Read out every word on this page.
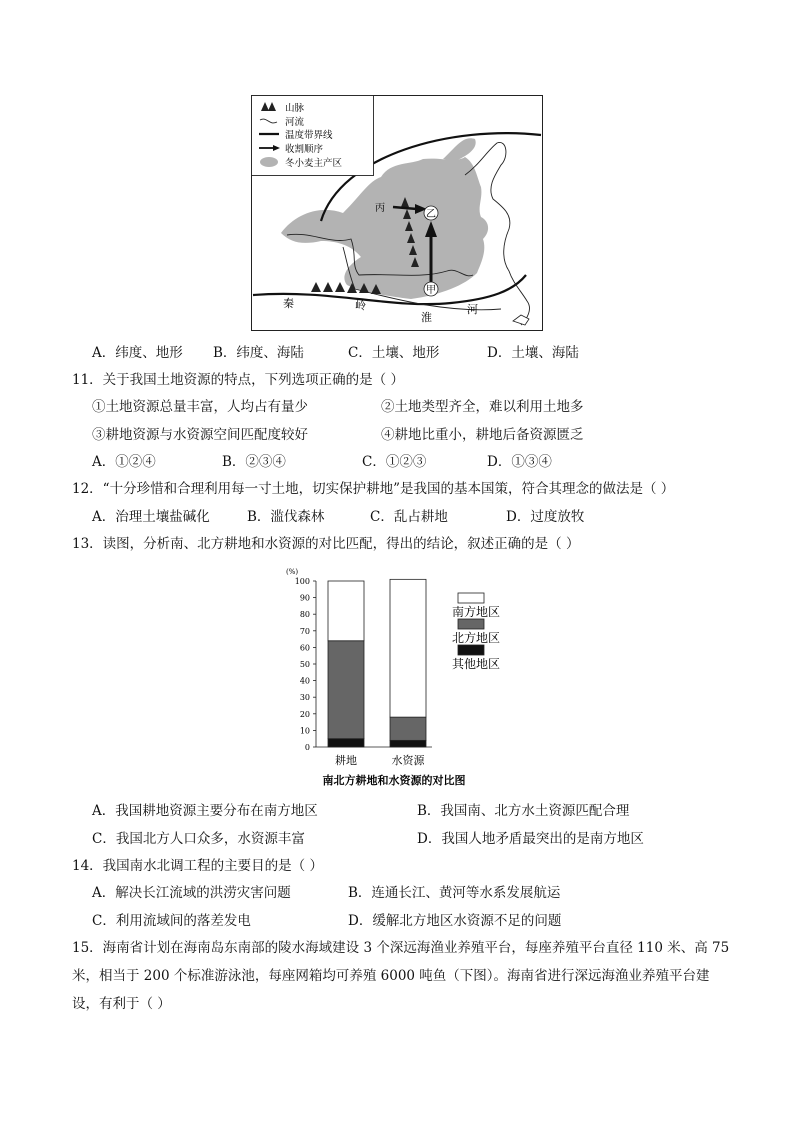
乙
甲
丙
秦	岭
淮
河
山脉
河流
温度带界线
收割顺序
冬小麦主产区
A．纬度、地形 B．纬度、海陆	C．土壤、地形	D．土壤、海陆
11．关于我国土地资源的特点，下列选项正确的是（ ）
①土地资源总量丰富，人均占有量少	②土地类型齐全，难以利用土地多
③耕地资源与水资源空间匹配度较好	④耕地比重小，耕地后备资源匮乏
A．①②④	B．②③④	C．①②③	D．①③④
12．“十分珍惜和合理利用每一寸土地，切实保护耕地”是我国的基本国策，符合其理念的做法是（ ）
A．治理土壤盐碱化	B．滥伐森林	C．乱占耕地	D．过度放牧
13．读图，分析南、北方耕地和水资源的对比匹配，得出的结论，叙述正确的是（ ）
(%)
0
10
20
30
40
50
60
70
80
90
100
耕地	水资源
南方地区
北方地区
其他地区
南北方耕地和水资源的对比图
A．我国耕地资源主要分布在南方地区	B．我国南、北方水土资源匹配合理
C．我国北方人口众多，水资源丰富	D．我国人地矛盾最突出的是南方地区
14．我国南水北调工程的主要目的是（ ）
A．解决长江流域的洪涝灾害问题	B．连通长江、黄河等水系发展航运
C．利用流域间的落差发电	D．缓解北方地区水资源不足的问题
15．海南省计划在海南岛东南部的陵水海域建设 3 个深远海渔业养殖平台，每座养殖平台直径 110 米、高 75 米，相当于 200 个标准游泳池，每座网箱均可养殖 6000 吨鱼（下图）。海南省进行深远海渔业养殖平台建设，有利于（ ）
